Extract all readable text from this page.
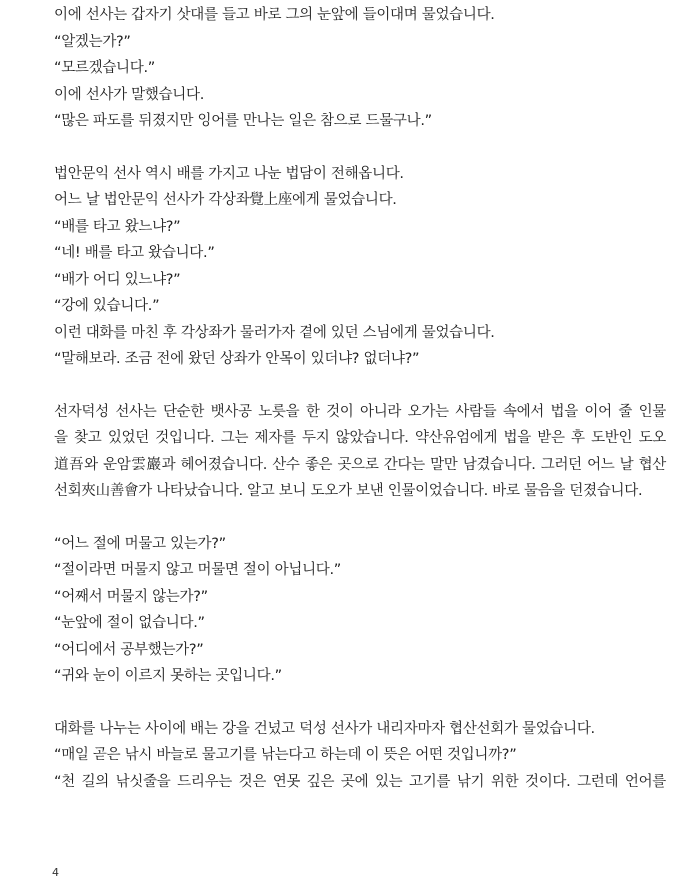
이에 선사는 갑자기 삿대를 들고 바로 그의 눈앞에 들이대며 물었습니다.
“알겠는가?”
“모르겠습니다.”
이에 선사가 말했습니다.
“많은 파도를 뒤졌지만 잉어를 만나는 일은 참으로 드물구나.”
법안문익 선사 역시 배를 가지고 나눈 법담이 전해옵니다.
어느 날 법안문익 선사가 각상좌覺上座에게 물었습니다.
“배를 타고 왔느냐?”
“네! 배를 타고 왔습니다.”
“배가 어디 있느냐?”
“강에 있습니다.”
이런 대화를 마친 후 각상좌가 물러가자 곁에 있던 스님에게 물었습니다.
“말해보라. 조금 전에 왔던 상좌가 안목이 있더냐? 없더냐?”
선자덕성 선사는 단순한 뱃사공 노릇을 한 것이 아니라 오가는 사람들 속에서 법을 이어 줄 인물
을 찾고 있었던 것입니다. 그는 제자를 두지 않았습니다. 약산유엄에게 법을 받은 후 도반인 도오
道吾와 운암雲巖과 헤어졌습니다. 산수 좋은 곳으로 간다는 말만 남겼습니다. 그러던 어느 날 협산
선회夾山善會가 나타났습니다. 알고 보니 도오가 보낸 인물이었습니다. 바로 물음을 던졌습니다.
“어느 절에 머물고 있는가?”
“절이라면 머물지 않고 머물면 절이 아닙니다.”
“어째서 머물지 않는가?”
“눈앞에 절이 없습니다.”
“어디에서 공부했는가?”
“귀와 눈이 이르지 못하는 곳입니다.”
대화를 나누는 사이에 배는 강을 건넜고 덕성 선사가 내리자마자 협산선회가 물었습니다.
“매일 곧은 낚시 바늘로 물고기를 낚는다고 하는데 이 뜻은 어떤 것입니까?”
“천 길의 낚싯줄을 드리우는 것은 연못 깊은 곳에 있는 고기를 낚기 위한 것이다. 그런데 언어를
4
